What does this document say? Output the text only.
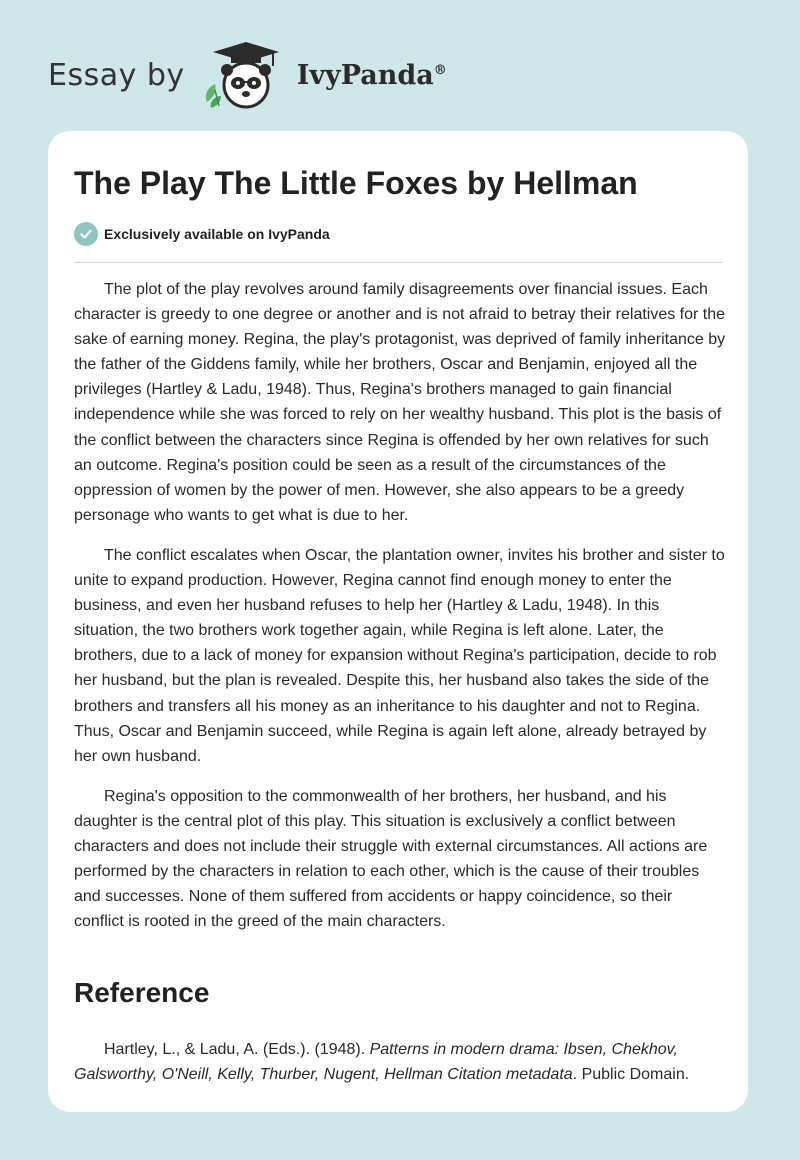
Essay by	IvyPanda®
The Play The Little Foxes by Hellman
Exclusively available on IvyPanda

The plot of the play revolves around family disagreements over financial issues. Each character is greedy to one degree or another and is not afraid to betray their relatives for the sake of earning money. Regina, the play's protagonist, was deprived of family inheritance by the father of the Giddens family, while her brothers, Oscar and Benjamin, enjoyed all the privileges (Hartley & Ladu, 1948). Thus, Regina's brothers managed to gain financial independence while she was forced to rely on her wealthy husband. This plot is the basis of the conflict between the characters since Regina is offended by her own relatives for such an outcome. Regina's position could be seen as a result of the circumstances of the oppression of women by the power of men. However, she also appears to be a greedy personage who wants to get what is due to her.

The conflict escalates when Oscar, the plantation owner, invites his brother and sister to unite to expand production. However, Regina cannot find enough money to enter the business, and even her husband refuses to help her (Hartley & Ladu, 1948). In this situation, the two brothers work together again, while Regina is left alone. Later, the brothers, due to a lack of money for expansion without Regina's participation, decide to rob her husband, but the plan is revealed. Despite this, her husband also takes the side of the brothers and transfers all his money as an inheritance to his daughter and not to Regina. Thus, Oscar and Benjamin succeed, while Regina is again left alone, already betrayed by her own husband.

Regina's opposition to the commonwealth of her brothers, her husband, and his daughter is the central plot of this play. This situation is exclusively a conflict between characters and does not include their struggle with external circumstances. All actions are performed by the characters in relation to each other, which is the cause of their troubles and successes. None of them suffered from accidents or happy coincidence, so their conflict is rooted in the greed of the main characters.

Reference

Hartley, L., & Ladu, A. (Eds.). (1948). Patterns in modern drama: Ibsen, Chekhov, Galsworthy, O'Neill, Kelly, Thurber, Nugent, Hellman Citation metadata. Public Domain.
